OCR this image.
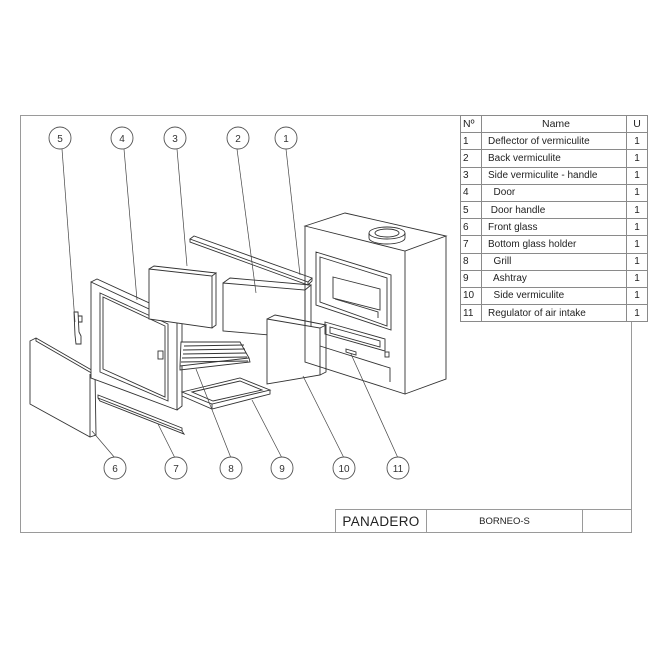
5	4	3	2	1
6	7	8	9	10	11
Nº	Name	U
1	Deflector of vermiculite	1
2	Back vermiculite	1
3	Side vermiculite - handle	1
4	Door	1
5	Door handle	1
6	Front glass	1
7	Bottom glass holder	1
8	Grill	1
9	Ashtray	1
10	Side vermiculite	1
11	Regulator of air intake	1
PANADERO	BORNEO-S
